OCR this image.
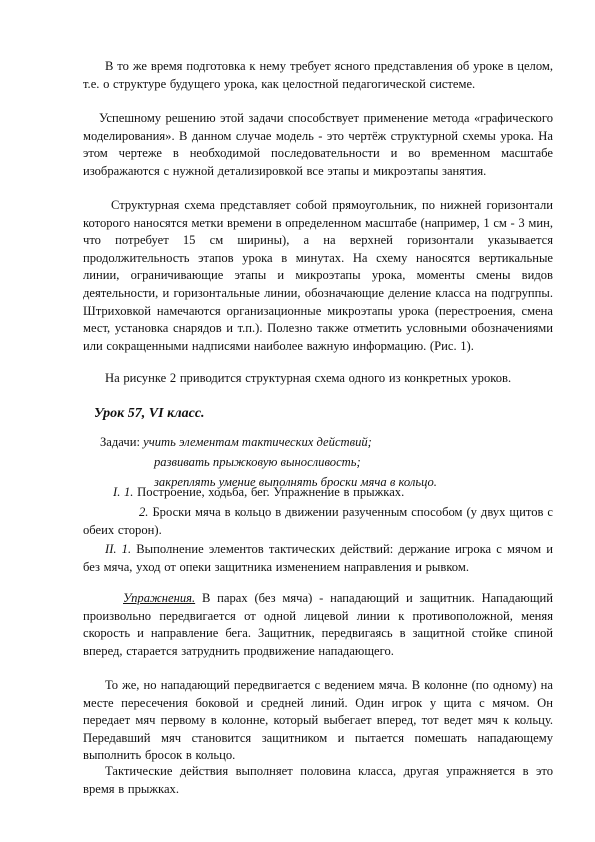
В то же время подготовка к нему требует ясного представления об уроке в целом, т.е. о структуре будущего урока, как целостной педагогической системе.

Успешному решению этой задачи способствует применение метода «графического моделирования». В данном случае модель - это чертёж структурной схемы урока. На этом чертеже в необходимой последовательности и во временном масштабе изображаются с нужной детализировкой все этапы и микроэтапы занятия.

Структурная схема представляет собой прямоугольник, по нижней горизонтали которого наносятся метки времени в определенном масштабе (например, 1 см - 3 мин, что потребует 15 см ширины), а на верхней горизонтали указывается продолжительность этапов урока в минутах. На схему наносятся вертикальные линии, ограничивающие этапы и микроэтапы урока, моменты смены видов деятельности, и горизонтальные линии, обозначающие деление класса на подгруппы. Штриховкой намечаются организационные микроэтапы урока (перестроения, смена мест, установка снарядов и т.п.). Полезно также отметить условными обозначениями или сокращенными надписями наиболее важную информацию. (Рис. 1).

На рисунке 2 приводится структурная схема одного из конкретных уроков.

Урок 57, VI класс.
Задачи: учить элементам тактических действий;
развивать прыжковую выносливость;
закреплять умение выполнять броски мяча в кольцо.

I. 1. Построение, ходьба, бег. Упражнение в прыжках.

2. Броски мяча в кольцо в движении разученным способом (у двух щитов с обеих сторон).

II. 1. Выполнение элементов тактических действий: держание игрока с мячом и без мяча, уход от опеки защитника изменением направления и рывком.

Упражнения. В парах (без мяча) - нападающий и защитник. Нападающий произвольно передвигается от одной лицевой линии к противоположной, меняя скорость и направление бега. Защитник, передвигаясь в защитной стойке спиной вперед, старается затруднить продвижение нападающего.

То же, но нападающий передвигается с ведением мяча. В колонне (по одному) на месте пересечения боковой и средней линий. Один игрок у щита с мячом. Он передает мяч первому в колонне, который выбегает вперед, тот ведет мяч к кольцу. Передавший мяч становится защитником и пытается помешать нападающему выполнить бросок в кольцо.

Тактические действия выполняет половина класса, другая упражняется в это время в прыжках.
